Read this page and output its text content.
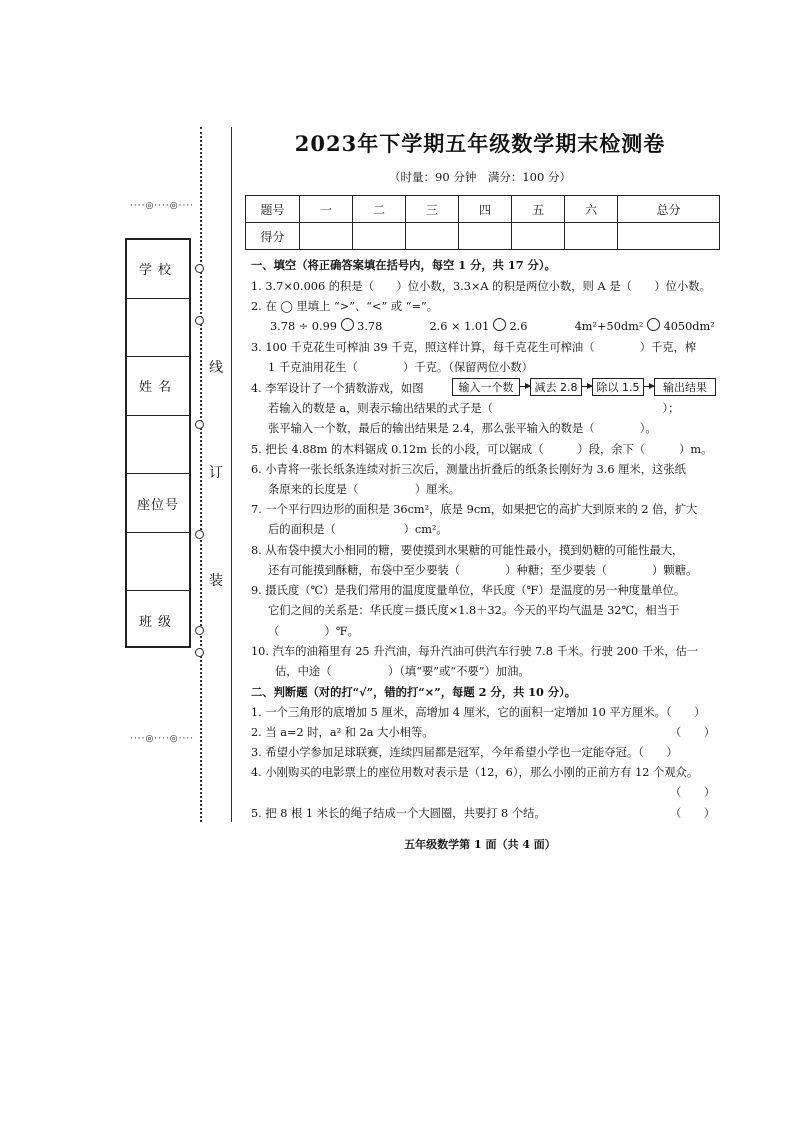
····◎····◎····
····◎····◎····
学校
姓名
座位号
班级
线
订
装
2023年下学期五年级数学期末检测卷
（时量：90 分钟　满分：100 分）
题号	一	二	三	四	五	六	总分
得分							
一、填空（将正确答案填在括号内，每空 1 分，共 17 分）。
1. 3.7×0.006 的积是（　　）位小数，3.3×A 的积是两位小数，则 A 是（　　）位小数。
2. 在 ◯ 里填上 “>”、“<” 或 “=”。
3.78 ÷ 0.99 3.78	2.6 × 1.01 2.6	4m²+50dm² 4050dm²
3. 100 千克花生可榨油 39 千克，照这样计算，每千克花生可榨油（　　　　）千克，榨
1 千克油用花生（　　　　）千克。（保留两位小数）
4. 李军设计了一个猜数游戏，如图	输入一个数	减去 2.8	除以 1.5	输出结果
若输入的数是 a，则表示输出结果的式子是（　　　　　　　　　　　　　　　）；
张平输入一个数，最后的输出结果是 2.4，那么张平输入的数是（　　　　）。
5. 把长 4.88m 的木料锯成 0.12m 长的小段，可以锯成（　　　）段，余下（　　　）m。
6. 小青将一张长纸条连续对折三次后，测量出折叠后的纸条长刚好为 3.6 厘米，这张纸
条原来的长度是（　　　　　）厘米。
7. 一个平行四边形的面积是 36cm²，底是 9cm，如果把它的高扩大到原来的 2 倍，扩大
后的面积是（　　　　　　）cm²。
8. 从布袋中摸大小相同的糖，要使摸到水果糖的可能性最小，摸到奶糖的可能性最大，
还有可能摸到酥糖，布袋中至少要装（　　　　）种糖；至少要装（　　　　）颗糖。
9. 摄氏度（℃）是我们常用的温度度量单位，华氏度（℉）是温度的另一种度量单位。
它们之间的关系是：华氏度＝摄氏度×1.8＋32。今天的平均气温是 32℃，相当于
（　　　　）℉。
10. 汽车的油箱里有 25 升汽油，每升汽油可供汽车行驶 7.8 千米。行驶 200 千米，估一
估，中途（　　　　　）（填“要”或“不要”）加油。
二、判断题（对的打“√”，错的打“×”，每题 2 分，共 10 分）。
1. 一个三角形的底增加 5 厘米，高增加 4 厘米，它的面积一定增加 10 平方厘米。（　　）
2. 当 a=2 时，a² 和 2a 大小相等。	（　　）
3. 希望小学参加足球联赛，连续四届都是冠军，今年希望小学也一定能夺冠。（　　）
4. 小刚购买的电影票上的座位用数对表示是（12，6），那么小刚的正前方有 12 个观众。
（　　）
5. 把 8 根 1 米长的绳子结成一个大圆圈，共要打 8 个结。	（　　）
五年级数学第 1 面（共 4 面）
